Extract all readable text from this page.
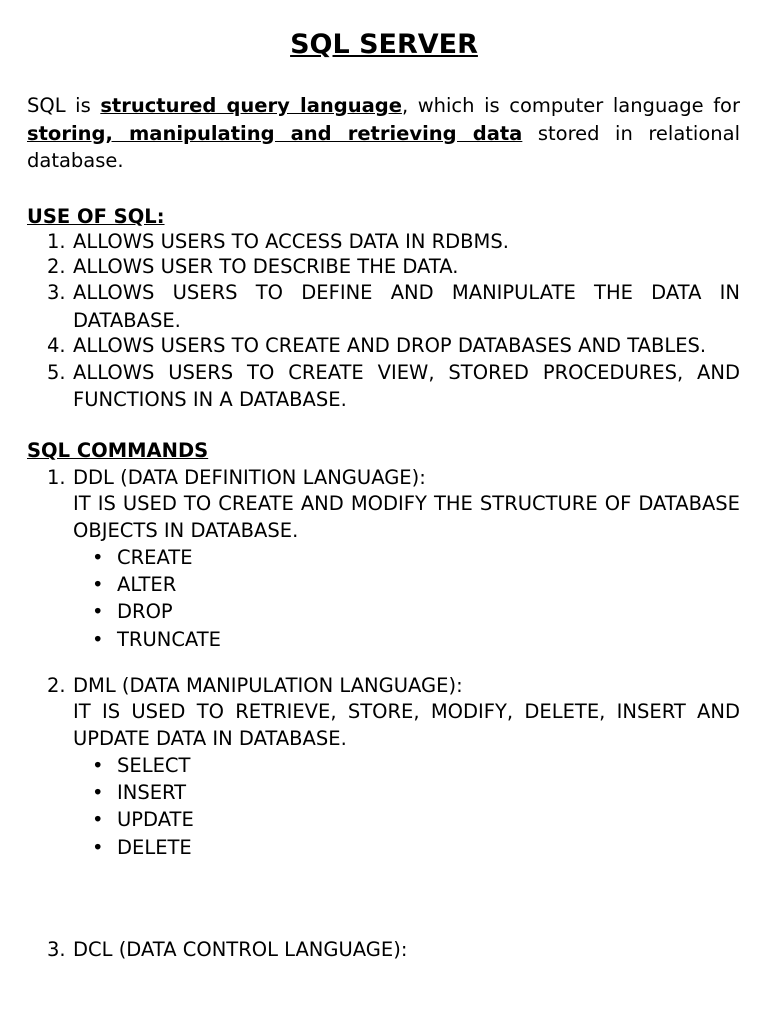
SQL SERVER

SQL is structured query language, which is computer language for storing, manipulating and retrieving data stored in relational database.

USE OF SQL:
1. ALLOWS USERS TO ACCESS DATA IN RDBMS.
2. ALLOWS USER TO DESCRIBE THE DATA.
3. ALLOWS USERS TO DEFINE AND MANIPULATE THE DATA IN DATABASE.
4. ALLOWS USERS TO CREATE AND DROP DATABASES AND TABLES.
5. ALLOWS USERS TO CREATE VIEW, STORED PROCEDURES, AND FUNCTIONS IN A DATABASE.
SQL COMMANDS
1. DDL (DATA DEFINITION LANGUAGE):
IT IS USED TO CREATE AND MODIFY THE STRUCTURE OF DATABASE OBJECTS IN DATABASE.
• CREATE
• ALTER
• DROP
• TRUNCATE
2. DML (DATA MANIPULATION LANGUAGE):
IT IS USED TO RETRIEVE, STORE, MODIFY, DELETE, INSERT AND UPDATE DATA IN DATABASE.
• SELECT
• INSERT
• UPDATE
• DELETE
3. DCL (DATA CONTROL LANGUAGE):
